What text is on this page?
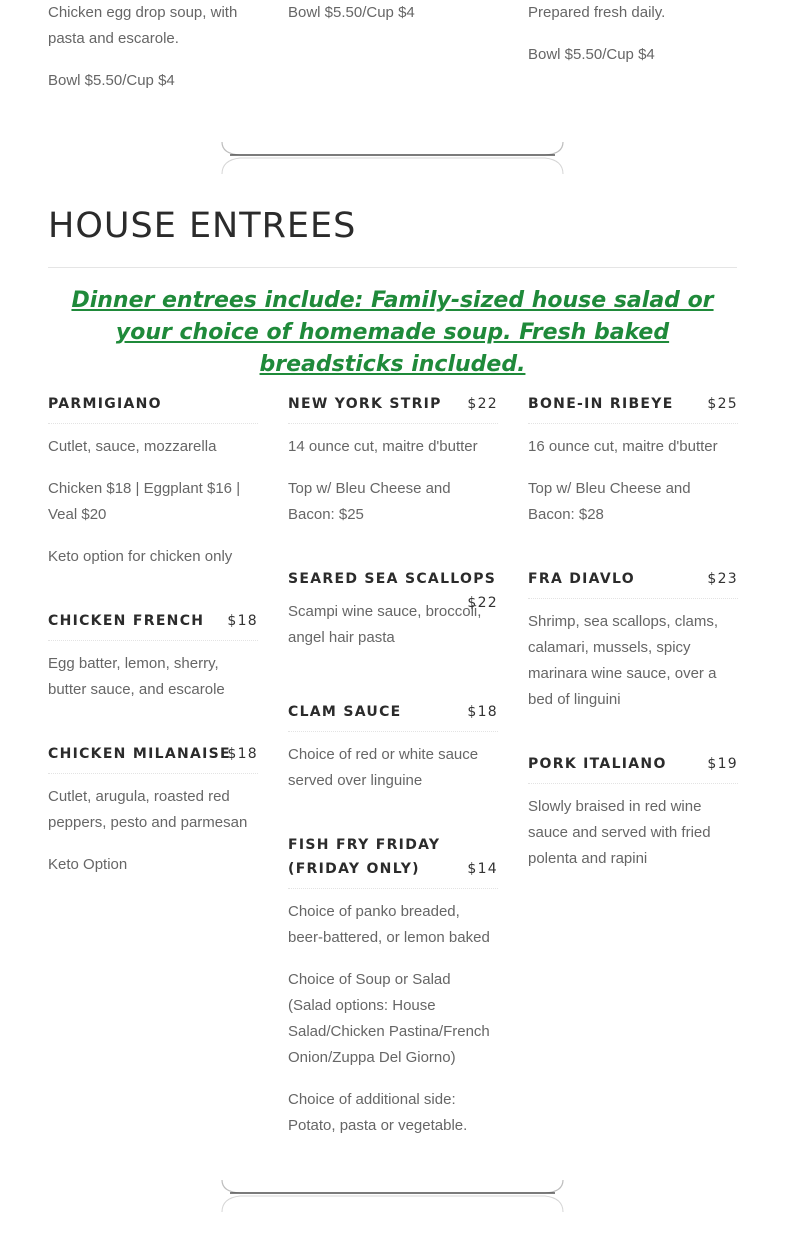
Chicken egg drop soup, with pasta and escarole.

Bowl $5.50/Cup $4

Bowl $5.50/Cup $4	Prepared fresh daily.

Bowl $5.50/Cup $4

HOUSE ENTREES

Dinner entrees include: Family-sized house salad or your choice of homemade soup. Fresh baked breadsticks included.

PARMIGIANO

Cutlet, sauce, mozzarella

Chicken $18 | Eggplant $16 | Veal $20

Keto option for chicken only

CHICKEN FRENCH $18

Egg batter, lemon, sherry, butter sauce, and escarole

CHICKEN MILANAISE
$18

Cutlet, arugula, roasted red peppers, pesto and parmesan

Keto Option

NEW YORK STRIP $22

14 ounce cut, maitre d'butter

Top w/ Bleu Cheese and Bacon: $25

SEARED SEA SCALLOPS
$22

Scampi wine sauce, broccoli, angel hair pasta

CLAM SAUCE	$18

Choice of red or white sauce served over linguine

FISH FRY FRIDAY (FRIDAY ONLY)	$14

Choice of panko breaded, beer-battered, or lemon baked

Choice of Soup or Salad (Salad options: House Salad/Chicken Pastina/French Onion/Zuppa Del Giorno)

Choice of additional side: Potato, pasta or vegetable.

BONE-IN RIBEYE $25

16 ounce cut, maitre d'butter

Top w/ Bleu Cheese and Bacon: $28

FRA DIAVLO	$23

Shrimp, sea scallops, clams, calamari, mussels, spicy marinara wine sauce, over a bed of linguini

PORK ITALIANO	$19

Slowly braised in red wine sauce and served with fried polenta and rapini
